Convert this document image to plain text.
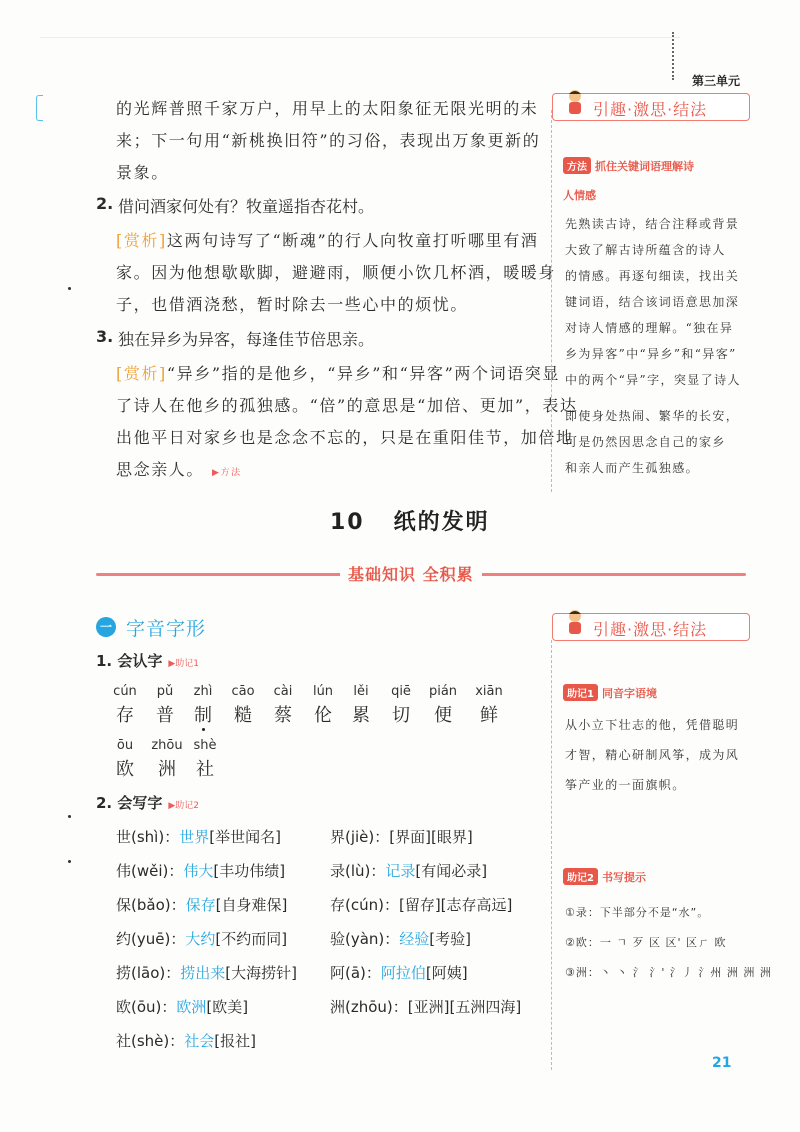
第三单元
的光辉普照千家万户，用早上的太阳象征无限光明的未
来；下一句用“新桃换旧符”的习俗，表现出万象更新的
景象。
2. 借问酒家何处有？牧童遥指杏花村。
[赏析]这两句诗写了“断魂”的行人向牧童打听哪里有酒
家。因为他想歇歇脚，避避雨，顺便小饮几杯酒，暖暖身
子，也借酒浇愁，暂时除去一些心中的烦忧。
3. 独在异乡为异客，每逢佳节倍思亲。
[赏析]“异乡”指的是他乡，“异乡”和“异客”两个词语突显
了诗人在他乡的孤独感。“倍”的意思是“加倍、更加”，表达
出他平日对家乡也是念念不忘的，只是在重阳佳节，加倍地
思念亲人。 ▶方法
引趣·激思·结法
方法 抓住关键词语理解诗
人情感
先熟读古诗，结合注释或背景
大致了解古诗所蕴含的诗人
的情感。再逐句细读，找出关
键词语，结合该词语意思加深
对诗人情感的理解。“独在异
乡为异客”中“异乡”和“异客”
中的两个“异”字，突显了诗人
即使身处热闹、繁华的长安，
可是仍然因思念自己的家乡
和亲人而产生孤独感。
10 纸的发明
基础知识 全积累
一 字音字形
1. 会认字 ▶助记1
cún
存
pǔ
普
zhì
制
cāo
糙
cài
蔡
lún
伦
lěi
累
qiē
切
pián
便
xiān
鲜
ōu
欧
zhōu
洲
shè
社
2. 会写字 ▶助记2
世(shì)：世界[举世闻名]
伟(wěi)：伟大[丰功伟绩]
保(bǎo)：保存[自身难保]
约(yuē)：大约[不约而同]
捞(lāo)：捞出来[大海捞针]
欧(ōu)：欧洲[欧美]
社(shè)：社会[报社]
界(jiè)：[界面][眼界]
录(lù)：记录[有闻必录]
存(cún)：[留存][志存高远]
验(yàn)：经验[考验]
阿(ā)：阿拉伯[阿姨]
洲(zhōu)：[亚洲][五洲四海]
引趣·激思·结法
助记1 同音字语境
从小立下壮志的他，凭借聪明
才智，精心研制风筝，成为风
筝产业的一面旗帜。
助记2 书写提示
①录：下半部分不是“水”。
②欧：一 ㄱ 歹 区 区' 区ㄏ 欧
③洲：丶 丶 氵 氵' 氵丿 氵州 洲 洲 洲
21
